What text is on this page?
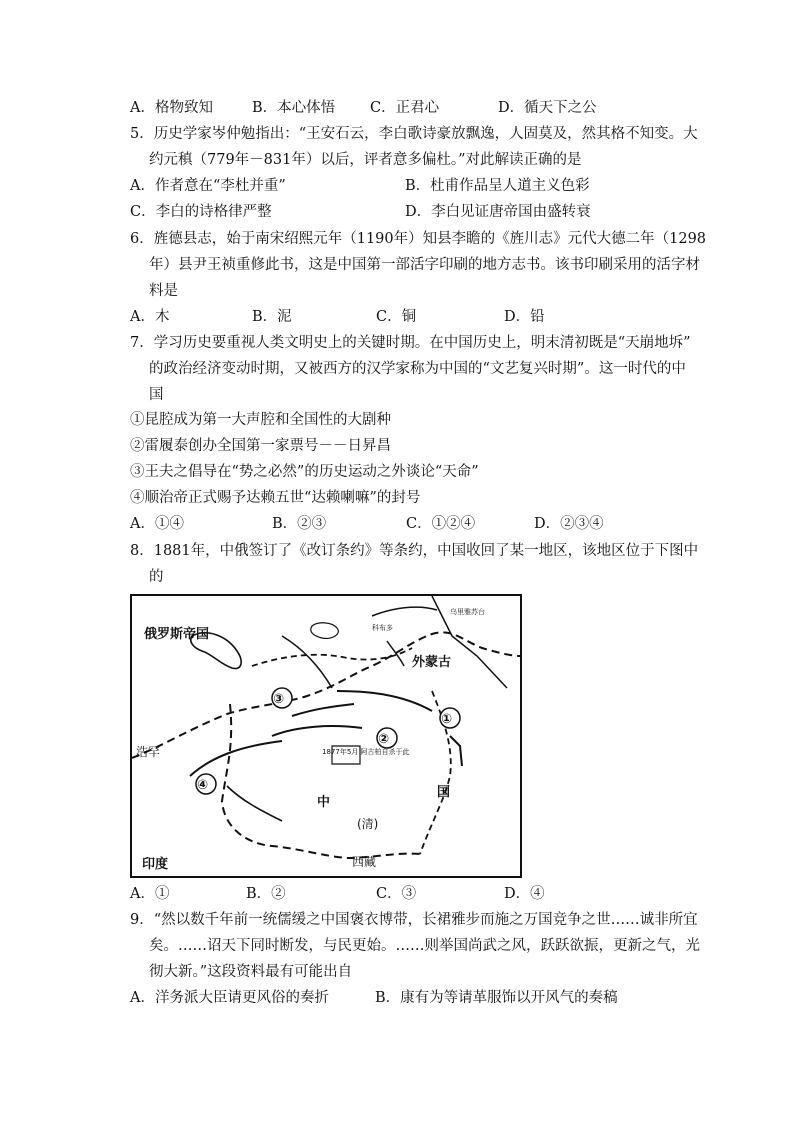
A．格物致知	B．本心体悟 C．正君心	D．循天下之公
5．历史学家岑仲勉指出：“王安石云，李白歌诗豪放飘逸，人固莫及，然其格不知变。大
约元稹（779年－831年）以后，评者意多偏杜。”对此解读正确的是
A．作者意在“李杜并重”	B．杜甫作品呈人道主义色彩
C．李白的诗格律严整	D．李白见证唐帝国由盛转衰
6．旌德县志，始于南宋绍熙元年（1190年）知县李瞻的《旌川志》元代大德二年（1298
年）县尹王祯重修此书，这是中国第一部活字印刷的地方志书。该书印刷采用的活字材
料是
A．木	B．泥	C．铜	D．铅
7．学习历史要重视人类文明史上的关键时期。在中国历史上，明末清初既是“天崩地坼”
的政治经济变动时期，又被西方的汉学家称为中国的“文艺复兴时期”。这一时代的中
国
①昆腔成为第一大声腔和全国性的大剧种
②雷履泰创办全国第一家票号－－日昇昌
③王夫之倡导在“势之必然”的历史运动之外谈论“天命”
④顺治帝正式赐予达赖五世“达赖喇嘛”的封号
A．①④	B．②③	C．①②④	D．②③④
8．1881年，中俄签订了《改订条约》等条约，中国收回了某一地区，该地区位于下图中
的
俄罗斯帝国
外蒙古
乌里雅苏台
科布多
浩罕
中
国
(清)
印度	西藏
1877年5月 阿古柏自杀于此
①
②
③
④
A．①	B．②	C．③	D．④
9．“然以数千年前一统儒缓之中国褒衣博带，长裙雅步而施之万国竞争之世……诚非所宜
矣。……诏天下同时断发，与民更始。……则举国尚武之风，跃跃欲振，更新之气，光
彻大新。”这段资料最有可能出自
A．洋务派大臣请更风俗的奏折	B．康有为等请革服饰以开风气的奏稿
